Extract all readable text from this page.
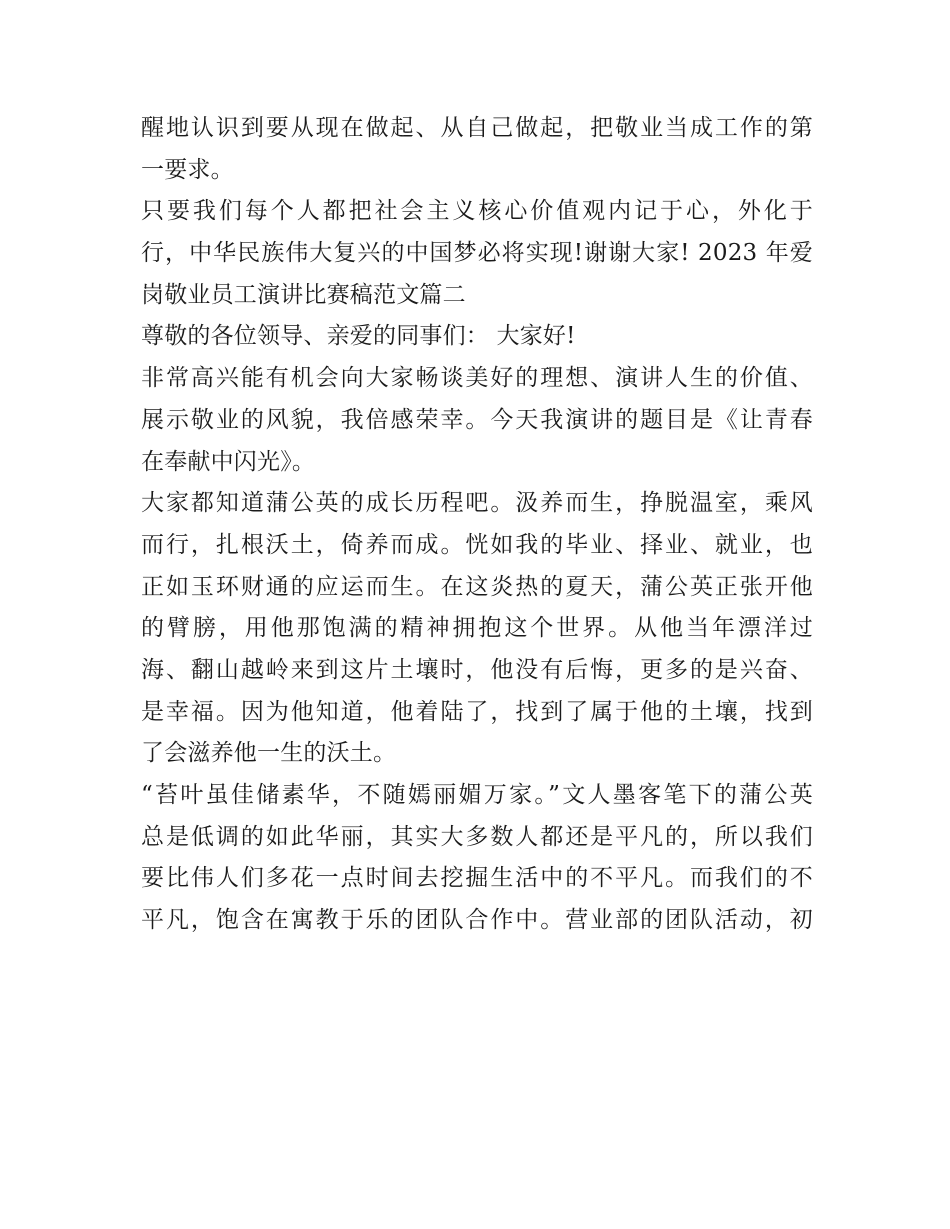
醒地认识到要从现在做起、从自己做起，把敬业当成工作的第
一要求。
只要我们每个人都把社会主义核心价值观内记于心，外化于
行，中华民族伟大复兴的中国梦必将实现!谢谢大家! 2023 年爱
岗敬业员工演讲比赛稿范文篇二
尊敬的各位领导、亲爱的同事们： 大家好!
非常高兴能有机会向大家畅谈美好的理想、演讲人生的价值、
展示敬业的风貌，我倍感荣幸。今天我演讲的题目是《让青春
在奉献中闪光》。
大家都知道蒲公英的成长历程吧。汲养而生，挣脱温室，乘风
而行，扎根沃土，倚养而成。恍如我的毕业、择业、就业，也
正如玉环财通的应运而生。在这炎热的夏天，蒲公英正张开他
的臂膀，用他那饱满的精神拥抱这个世界。从他当年漂洋过
海、翻山越岭来到这片土壤时，他没有后悔，更多的是兴奋、
是幸福。因为他知道，他着陆了，找到了属于他的土壤，找到
了会滋养他一生的沃土。
“苔叶虽佳储素华，不随嫣丽媚万家。”文人墨客笔下的蒲公英
总是低调的如此华丽，其实大多数人都还是平凡的，所以我们
要比伟人们多花一点时间去挖掘生活中的不平凡。而我们的不
平凡，饱含在寓教于乐的团队合作中。营业部的团队活动，初
